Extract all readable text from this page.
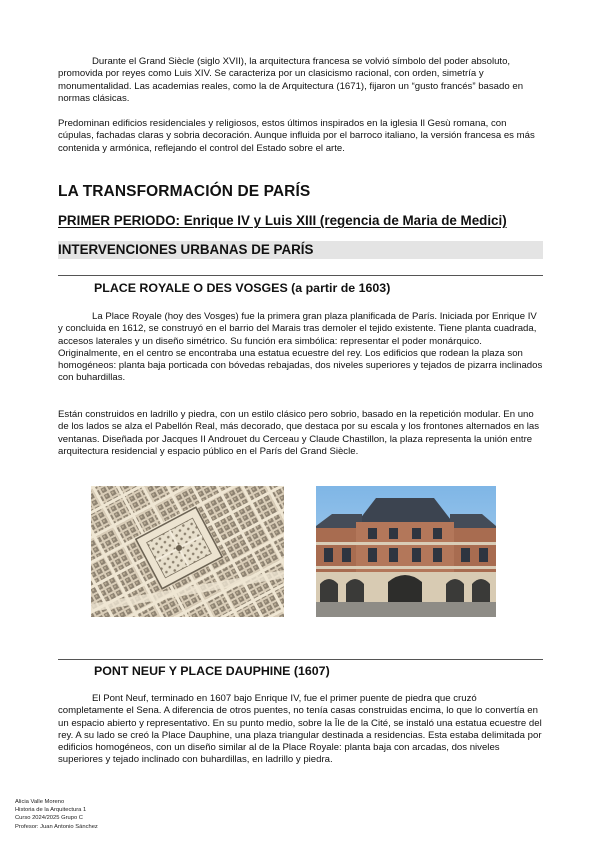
Durante el Grand Siècle (siglo XVII), la arquitectura francesa se volvió símbolo del poder absoluto, promovida por reyes como Luis XIV. Se caracteriza por un clasicismo racional, con orden, simetría y monumentalidad. Las academias reales, como la de Arquitectura (1671), fijaron un “gusto francés” basado en normas clásicas.

Predominan edificios residenciales y religiosos, estos últimos inspirados en la iglesia Il Gesù romana, con cúpulas, fachadas claras y sobria decoración. Aunque influida por el barroco italiano, la versión francesa es más contenida y armónica, reflejando el control del Estado sobre el arte.

LA TRANSFORMACIÓN DE PARÍS
PRIMER PERIODO: Enrique IV y Luis XIII (regencia de Maria de Medici)
INTERVENCIONES URBANAS DE PARÍS
PLACE ROYALE O DES VOSGES (a partir de 1603)

La Place Royale (hoy des Vosges) fue la primera gran plaza planificada de París. Iniciada por Enrique IV y concluida en 1612, se construyó en el barrio del Marais tras demoler el tejido existente. Tiene planta cuadrada, accesos laterales y un diseño simétrico. Su función era simbólica: representar el poder monárquico. Originalmente, en el centro se encontraba una estatua ecuestre del rey. Los edificios que rodean la plaza son homogéneos: planta baja porticada con bóvedas rebajadas, dos niveles superiores y tejados de pizarra inclinados con buhardillas.

Están construidos en ladrillo y piedra, con un estilo clásico pero sobrio, basado en la repetición modular. En uno de los lados se alza el Pabellón Real, más decorado, que destaca por su escala y los frontones alternados en las ventanas. Diseñada por Jacques II Androuet du Cerceau y Claude Chastillon, la plaza representa la unión entre arquitectura residencial y espacio público en el París del Grand Siècle.

PONT NEUF Y PLACE DAUPHINE (1607)

El Pont Neuf, terminado en 1607 bajo Enrique IV, fue el primer puente de piedra que cruzó completamente el Sena. A diferencia de otros puentes, no tenía casas construidas encima, lo que lo convertía en un espacio abierto y representativo. En su punto medio, sobre la Île de la Cité, se instaló una estatua ecuestre del rey. A su lado se creó la Place Dauphine, una plaza triangular destinada a residencias. Esta estaba delimitada por edificios homogéneos, con un diseño similar al de la Place Royale: planta baja con arcadas, dos niveles superiores y tejado inclinado con buhardillas, en ladrillo y piedra.

Alicia Valle Moreno
Historia de la Arquitectura 1
Curso 2024/2025 Grupo C
Profesor: Juan Antonio Sánchez
